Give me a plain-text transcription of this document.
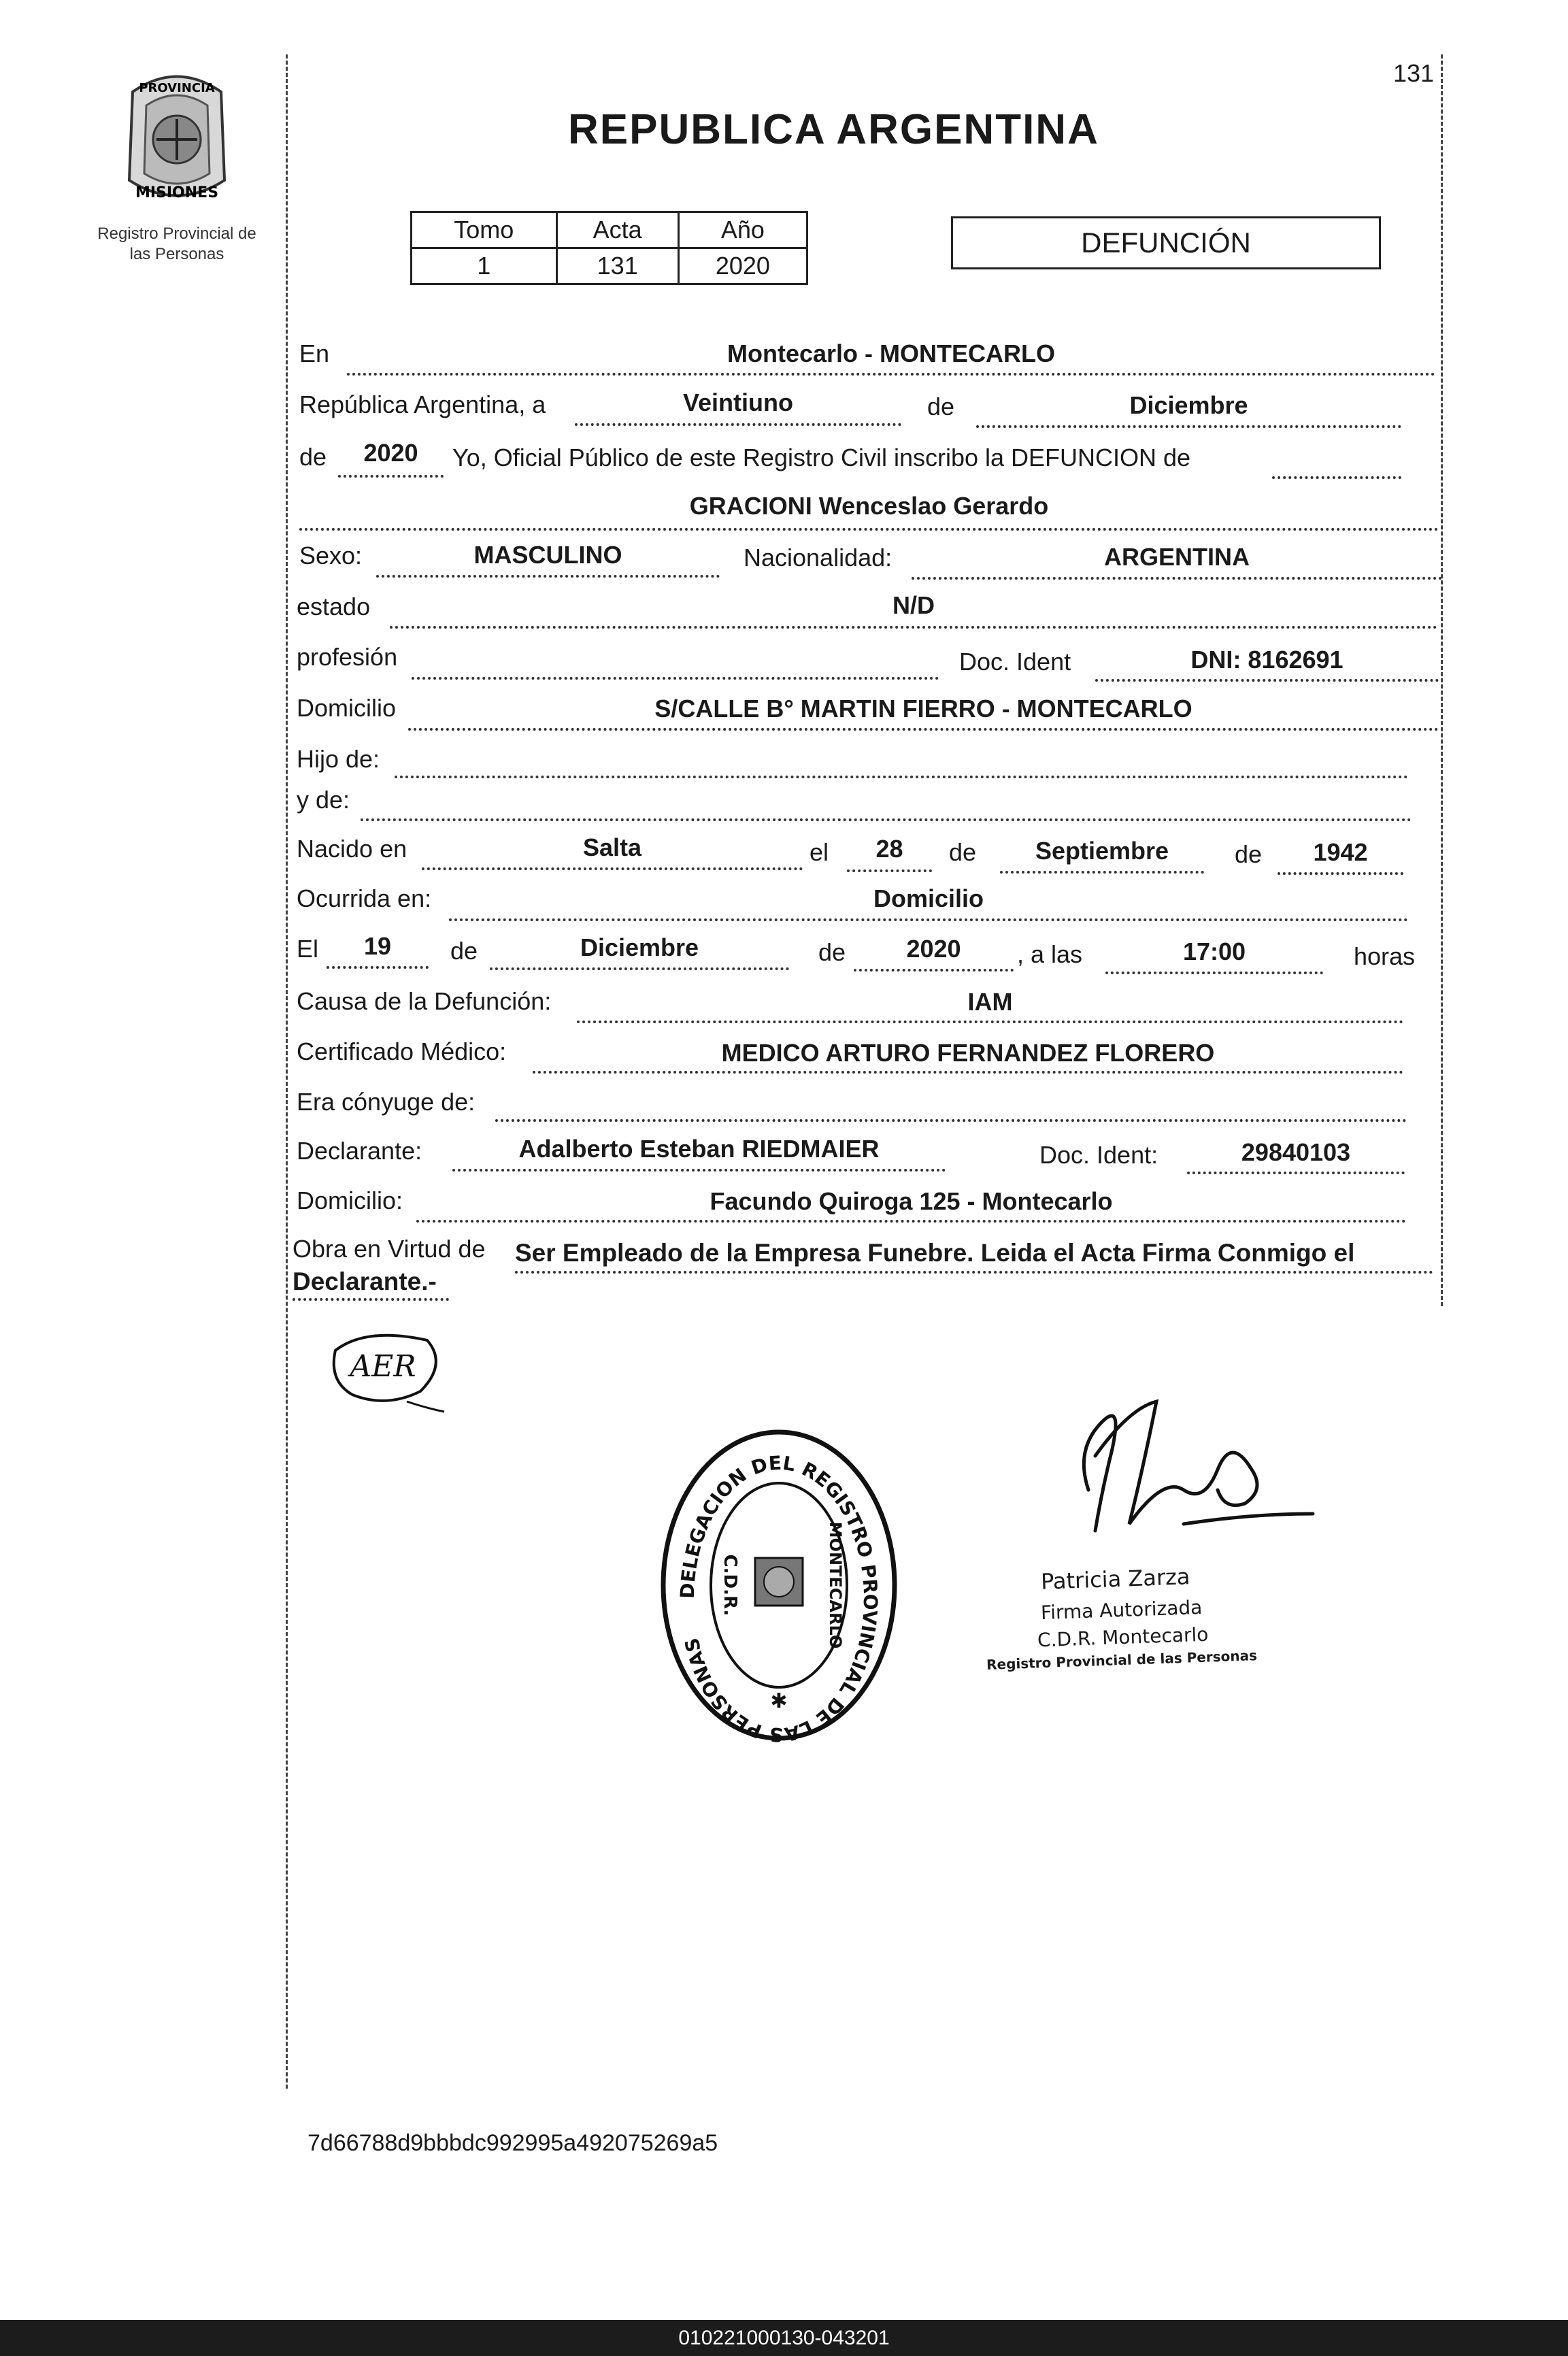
131
PROVINCIA
MISIONES
Registro Provincial de
las Personas
REPUBLICA ARGENTINA
Tomo	Acta	Año
1	131	2020
DEFUNCIÓN
En	Montecarlo - MONTECARLO
República Argentina, a	Veintiuno	de	Diciembre
de	2020	Yo, Oficial Público de este Registro Civil inscribo la DEFUNCION de
GRACIONI Wenceslao Gerardo
Sexo:	MASCULINO	Nacionalidad:	ARGENTINA
estado	N/D
profesión	Doc. Ident	DNI: 8162691
Domicilio	S/CALLE B° MARTIN FIERRO - MONTECARLO
Hijo de:
y de:
Nacido en	Salta	el	28	de	Septiembre	de	1942
Ocurrida en:	Domicilio
El	19	de	Diciembre	de	2020	, a las	17:00	horas
Causa de la Defunción:	IAM
Certificado Médico:	MEDICO ARTURO FERNANDEZ FLORERO
Era cónyuge de:
Declarante:	Adalberto Esteban RIEDMAIER	Doc. Ident:	29840103
Domicilio:	Facundo Quiroga 125 - Montecarlo
Obra en Virtud de Ser Empleado de la Empresa Funebre. Leida el Acta Firma Conmigo el
Declarante.-
AER
DELEGACION DEL REGISTRO PROVINCIAL DE LAS PERSONAS
C.D.R.	MONTECARLO
✱
Patricia Zarza
Firma Autorizada
C.D.R. Montecarlo
Registro Provincial de las Personas
7d66788d9bbbdc992995a492075269a5
010221000130-043201
